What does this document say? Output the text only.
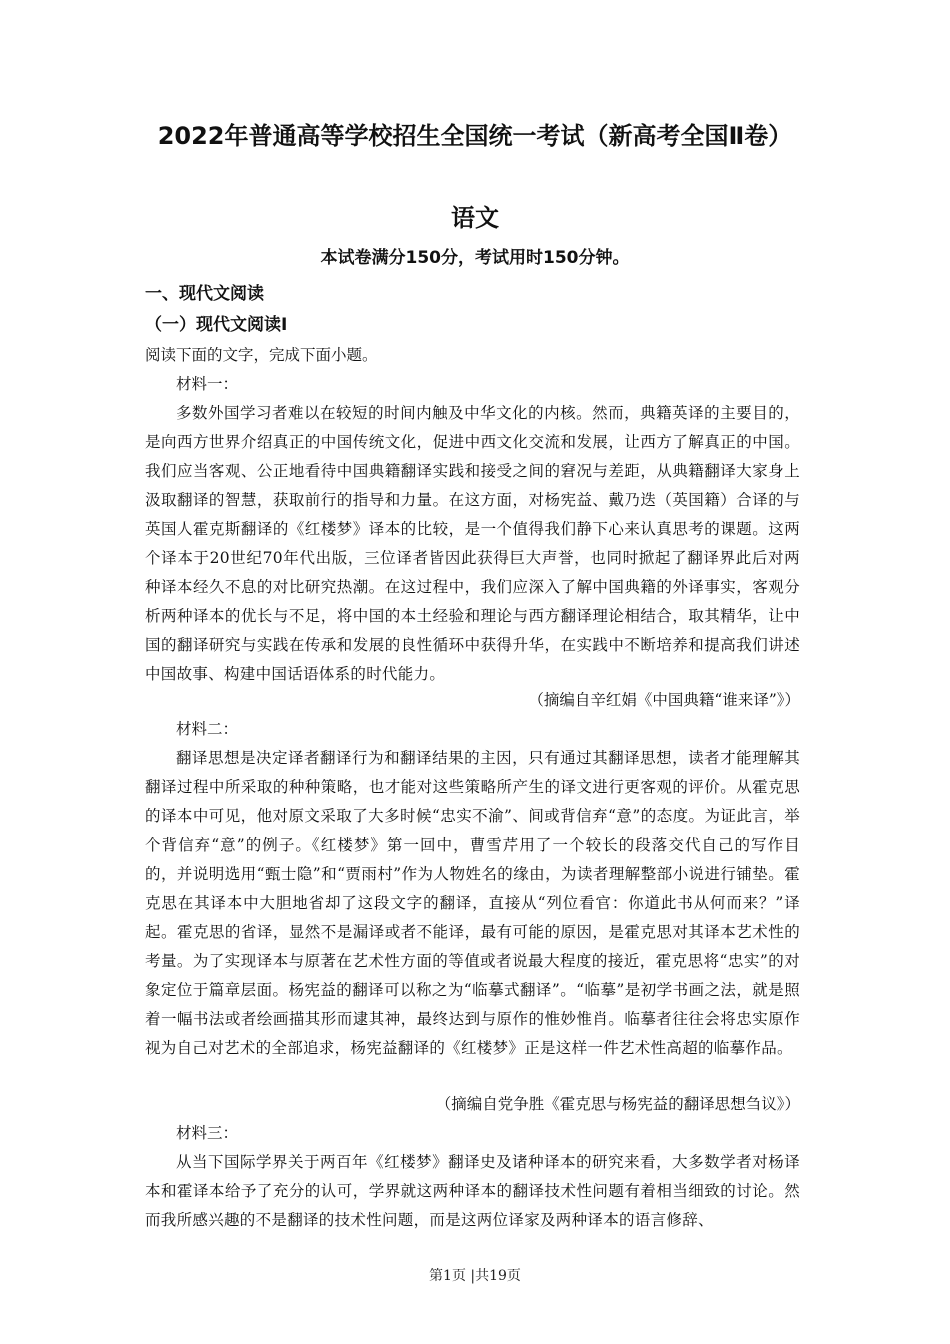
2022年普通高等学校招生全国统一考试（新高考全国Ⅱ卷）
语文
本试卷满分150分，考试用时150分钟。
一、现代文阅读
（一）现代文阅读Ⅰ
阅读下面的文字，完成下面小题。
材料一：
多数外国学习者难以在较短的时间内触及中华文化的内核。然而，典籍英译的主要目的，是向西方世界介绍真正的中国传统文化，促进中西文化交流和发展，让西方了解真正的中国。我们应当客观、公正地看待中国典籍翻译实践和接受之间的窘况与差距，从典籍翻译大家身上汲取翻译的智慧，获取前行的指导和力量。在这方面，对杨宪益、戴乃迭（英国籍）合译的与英国人霍克斯翻译的《红楼梦》译本的比较，是一个值得我们静下心来认真思考的课题。这两个译本于20世纪70年代出版，三位译者皆因此获得巨大声誉，也同时掀起了翻译界此后对两种译本经久不息的对比研究热潮。在这过程中，我们应深入了解中国典籍的外译事实，客观分析两种译本的优长与不足，将中国的本土经验和理论与西方翻译理论相结合，取其精华，让中国的翻译研究与实践在传承和发展的良性循环中获得升华，在实践中不断培养和提高我们讲述中国故事、构建中国话语体系的时代能力。
（摘编自辛红娟《中国典籍“谁来译”》）
材料二：
翻译思想是决定译者翻译行为和翻译结果的主因，只有通过其翻译思想，读者才能理解其翻译过程中所采取的种种策略，也才能对这些策略所产生的译文进行更客观的评价。从霍克思的译本中可见，他对原文采取了大多时候“忠实不渝”、间或背信弃“意”的态度。为证此言，举个背信弃“意”的例子。《红楼梦》第一回中，曹雪芹用了一个较长的段落交代自己的写作目的，并说明选用“甄士隐”和“贾雨村”作为人物姓名的缘由，为读者理解整部小说进行铺垫。霍克思在其译本中大胆地省却了这段文字的翻译，直接从“列位看官：你道此书从何而来？”译起。霍克思的省译，显然不是漏译或者不能译，最有可能的原因，是霍克思对其译本艺术性的考量。为了实现译本与原著在艺术性方面的等值或者说最大程度的接近，霍克思将“忠实”的对象定位于篇章层面。杨宪益的翻译可以称之为“临摹式翻译”。“临摹”是初学书画之法，就是照着一幅书法或者绘画描其形而逮其神，最终达到与原作的惟妙惟肖。临摹者往往会将忠实原作视为自己对艺术的全部追求，杨宪益翻译的《红楼梦》正是这样一件艺术性高超的临摹作品。
（摘编自党争胜《霍克思与杨宪益的翻译思想刍议》）
材料三：
从当下国际学界关于两百年《红楼梦》翻译史及诸种译本的研究来看，大多数学者对杨译本和霍译本给予了充分的认可，学界就这两种译本的翻译技术性问题有着相当细致的讨论。然而我所感兴趣的不是翻译的技术性问题，而是这两位译家及两种译本的语言修辞、
第1页 |共19页
